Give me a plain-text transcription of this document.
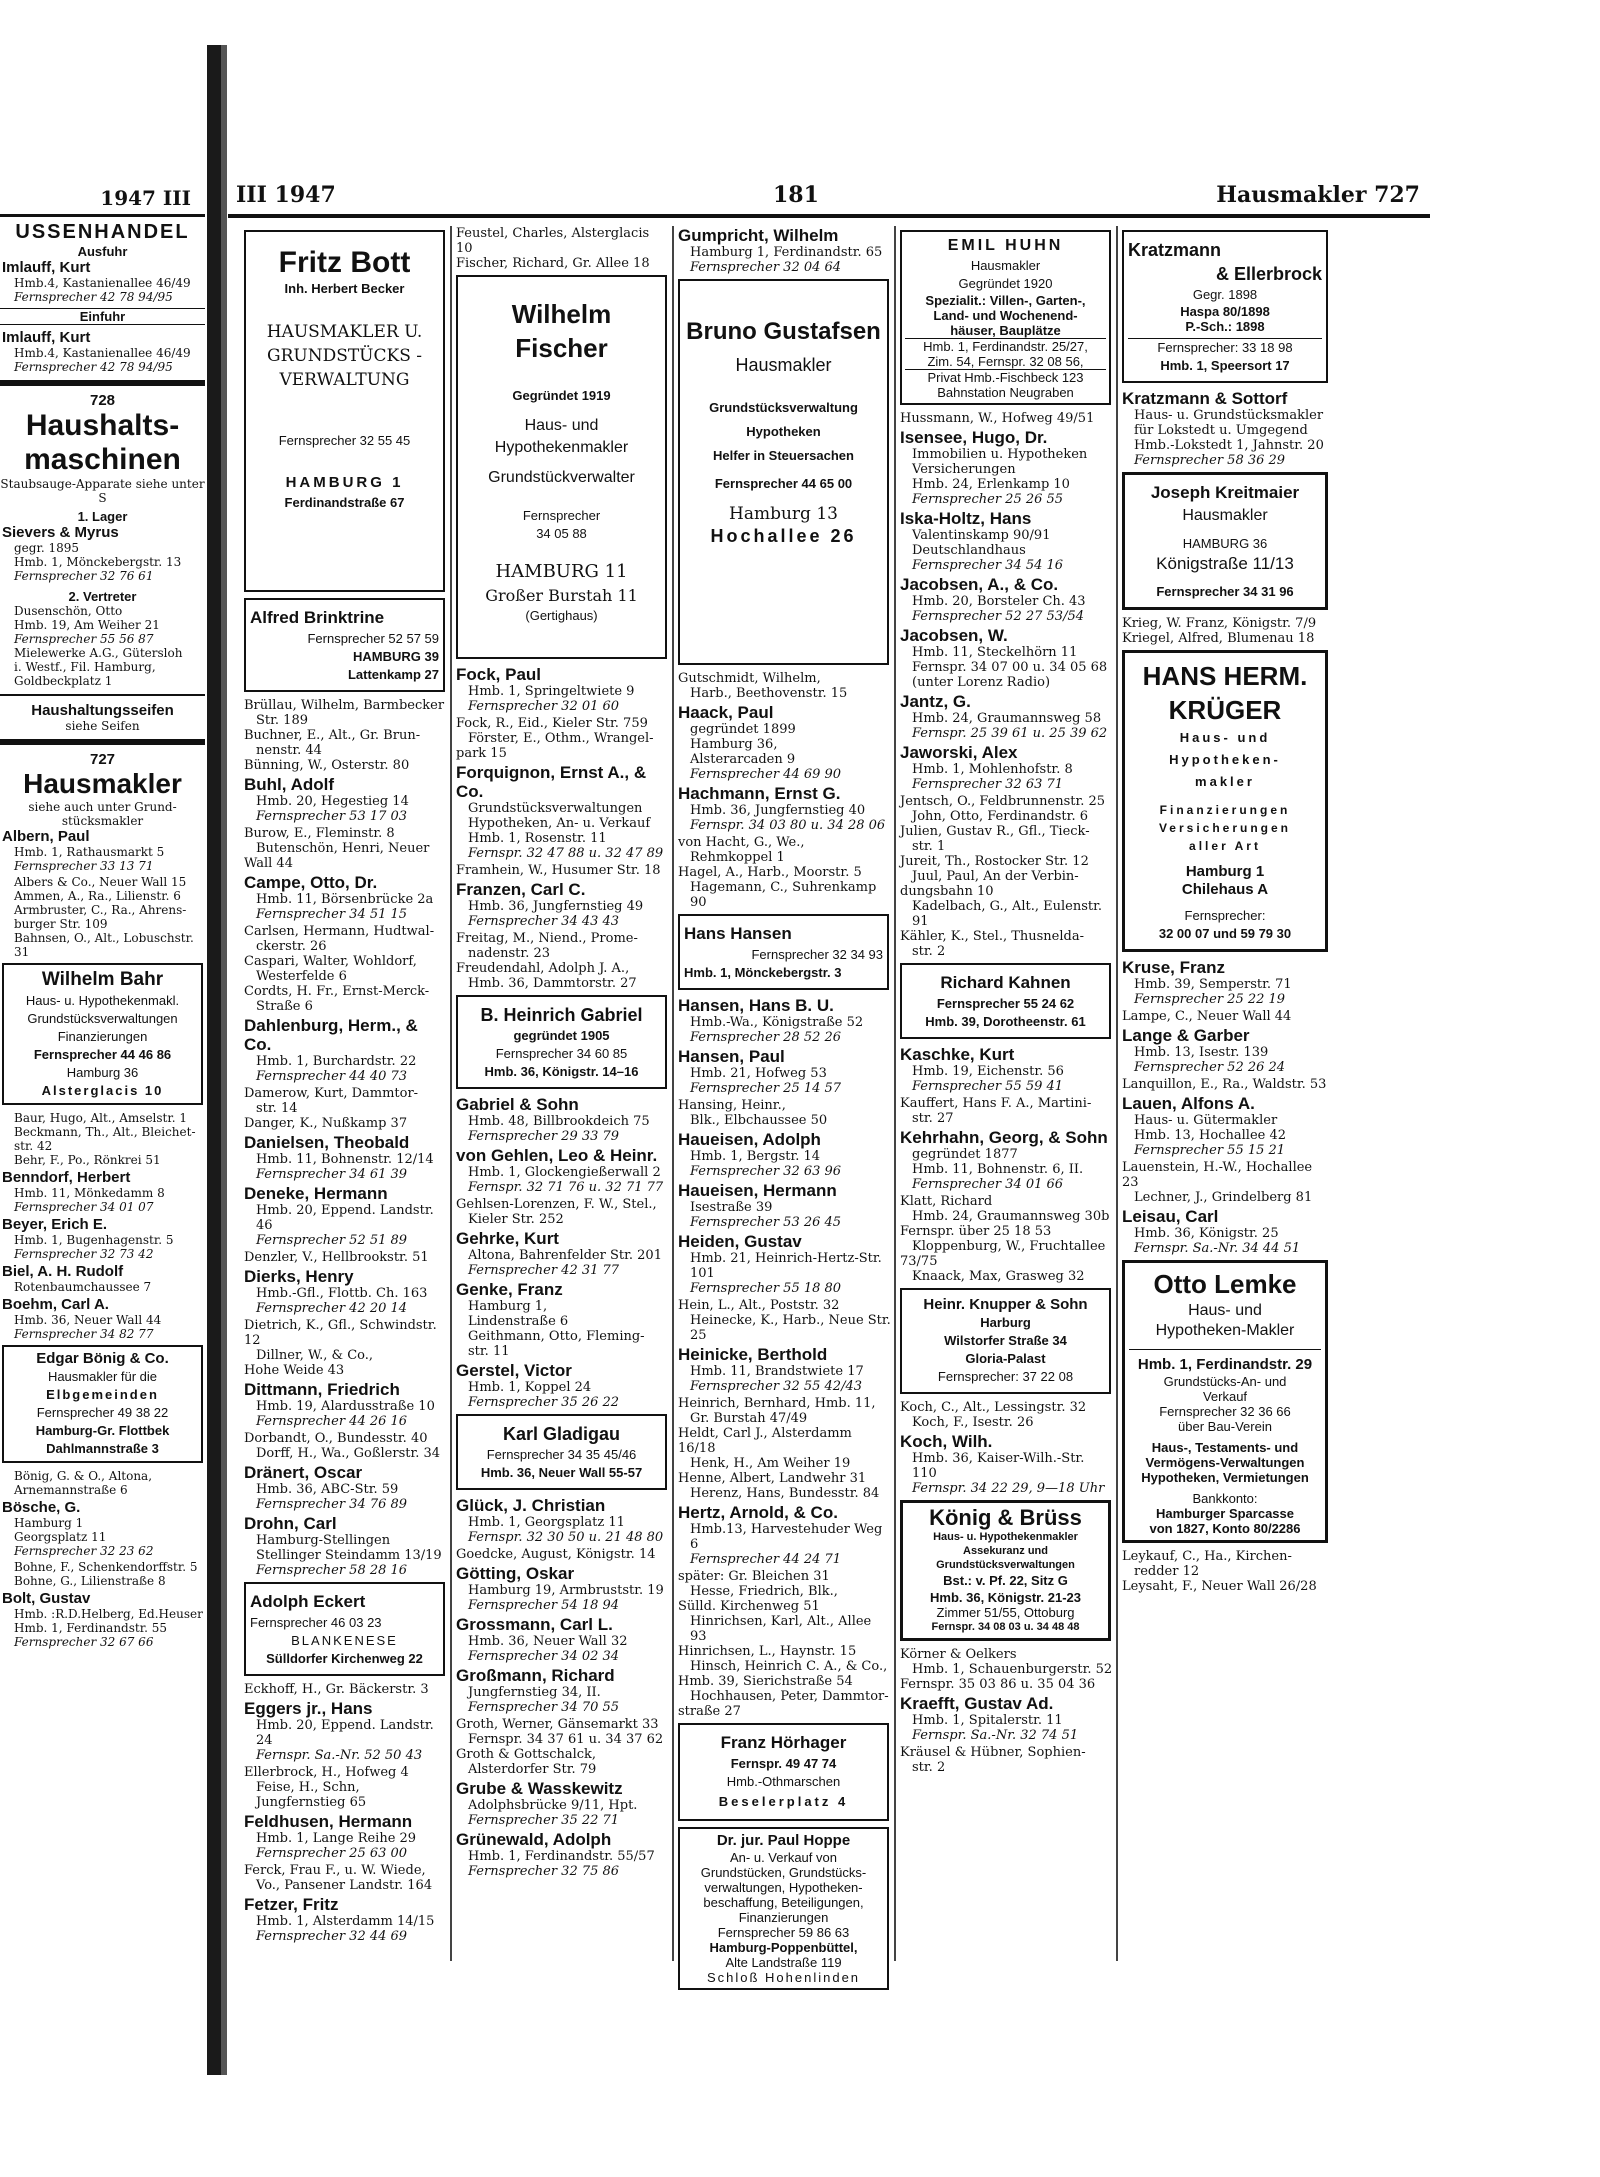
1947 III
USSENHANDEL
Ausfuhr
Imlauff, Kurt
Hmb.4, Kastanienallee 46/49
Fernsprecher 42 78 94/95
Einfuhr
Imlauff, Kurt
Hmb.4, Kastanienallee 46/49
Fernsprecher 42 78 94/95
728
Haushalts-maschinen
Staubsauge-Apparate siehe unter S
1. Lager
Sievers & Myrus
gegr. 1895
Hmb. 1, Mönckebergstr. 13
Fernsprecher 32 76 61
2. Vertreter
Dusenschön, Otto
Hmb. 19, Am Weiher 21
Fernsprecher 55 56 87
Mielewerke A.G., Gütersloh
i. Westf., Fil. Hamburg,
Goldbeckplatz 1
Haushaltungsseifen
siehe Seifen
727
Hausmakler
siehe auch unter Grund-stücksmakler
Albern, Paul
Hmb. 1, Rathausmarkt 5
Fernsprecher 33 13 71
Albers & Co., Neuer Wall 15
Ammen, A., Ra., Lilienstr. 6
Armbruster, C., Ra., Ahrens-
burger Str. 109
Bahnsen, O., Alt., Lobuschstr. 31
Wilhelm Bahr
Haus- u. Hypothekenmakl.
Grundstücksverwaltungen
Finanzierungen
Fernsprecher 44 46 86
Hamburg 36
Alsterglacis 10
Baur, Hugo, Alt., Amselstr. 1
Beckmann, Th., Alt., Bleichet-
str. 42
Behr, F., Po., Rönkrei 51
Benndorf, Herbert
Hmb. 11, Mönkedamm 8
Fernsprecher 34 01 07
Beyer, Erich E.
Hmb. 1, Bugenhagenstr. 5
Fernsprecher 32 73 42
Biel, A. H. Rudolf
Rotenbaumchaussee 7
Boehm, Carl A.
Hmb. 36, Neuer Wall 44
Fernsprecher 34 82 77
Edgar Bönig & Co.
Hausmakler für die
Elbgemeinden
Fernsprecher 49 38 22
Hamburg-Gr. Flottbek
Dahlmannstraße 3
Bönig, G. & O., Altona, Arnemannstraße 6
Bösche, G.
Hamburg 1
Georgsplatz 11
Fernsprecher 32 23 62
Bohne, F., Schenkendorffstr. 5
Bohne, G., Lilienstraße 8
Bolt, Gustav
Hmb. :R.D.Helberg, Ed.Heuser
Hmb. 1, Ferdinandstr. 55
Fernsprecher 32 67 66
III 1947	181	Hausmakler 727
Fritz Bott
Inh. Herbert Becker
HAUSMAKLER U.
GRUNDSTÜCKS -
VERWALTUNG
Fernsprecher 32 55 45
HAMBURG 1
Ferdinandstraße 67
Alfred Brinktrine
Fernsprecher 52 57 59
HAMBURG 39
Lattenkamp 27
Brüllau, Wilhelm, Barmbecker
Str. 189
Buchner, E., Alt., Gr. Brun-
nenstr. 44
Bünning, W., Osterstr. 80
Buhl, Adolf
Hmb. 20, Hegestieg 14
Fernsprecher 53 17 03
Burow, E., Fleminstr. 8
Butenschön, Henri, Neuer
Wall 44
Campe, Otto, Dr.
Hmb. 11, Börsenbrücke 2a
Fernsprecher 34 51 15
Carlsen, Hermann, Hudtwal-
ckerstr. 26
Caspari, Walter, Wohldorf,
Westerfelde 6
Cordts, H. Fr., Ernst-Merck-
Straße 6
Dahlenburg, Herm., & Co.
Hmb. 1, Burchardstr. 22
Fernsprecher 44 40 73
Damerow, Kurt, Dammtor-
str. 14
Danger, K., Nußkamp 37
Danielsen, Theobald
Hmb. 11, Bohnenstr. 12/14
Fernsprecher 34 61 39
Deneke, Hermann
Hmb. 20, Eppend. Landstr. 46
Fernsprecher 52 51 89
Denzler, V., Hellbrookstr. 51
Dierks, Henry
Hmb.-Gfl., Flottb. Ch. 163
Fernsprecher 42 20 14
Dietrich, K., Gfl., Schwindstr. 12
Dillner, W., & Co.,
Hohe Weide 43
Dittmann, Friedrich
Hmb. 19, Alardusstraße 10
Fernsprecher 44 26 16
Dorbandt, O., Bundesstr. 40
Dorff, H., Wa., Goßlerstr. 34
Dränert, Oscar
Hmb. 36, ABC-Str. 59
Fernsprecher 34 76 89
Drohn, Carl
Hamburg-Stellingen
Stellinger Steindamm 13/19
Fernsprecher 58 28 16
Adolph Eckert
Fernsprecher 46 03 23
BLANKENESE
Sülldorfer Kirchenweg 22
Eckhoff, H., Gr. Bäckerstr. 3
Eggers jr., Hans
Hmb. 20, Eppend. Landstr. 24
Fernspr. Sa.-Nr. 52 50 43
Ellerbrock, H., Hofweg 4
Feise, H., Schn, Jungfernstieg 65
Feldhusen, Hermann
Hmb. 1, Lange Reihe 29
Fernsprecher 25 63 00
Ferck, Frau F., u. W. Wiede,
Vo., Pansener Landstr. 164
Fetzer, Fritz
Hmb. 1, Alsterdamm 14/15
Fernsprecher 32 44 69
Feustel, Charles, Alsterglacis 10
Fischer, Richard, Gr. Allee 18
Wilhelm Fischer
Gegründet 1919
Haus- und
Hypothekenmakler
Grundstückverwalter
Fernsprecher
34 05 88
HAMBURG 11
Großer Burstah 11
(Gertighaus)
Fock, Paul
Hmb. 1, Springeltwiete 9
Fernsprecher 32 01 60
Fock, R., Eid., Kieler Str. 759
Förster, E., Othm., Wrangel-
park 15
Forquignon, Ernst A., & Co.
Grundstücksverwaltungen
Hypotheken, An- u. Verkauf
Hmb. 1, Rosenstr. 11
Fernspr. 32 47 88 u. 32 47 89
Framhein, W., Husumer Str. 18
Franzen, Carl C.
Hmb. 36, Jungfernstieg 49
Fernsprecher 34 43 43
Freitag, M., Niend., Prome-
nadenstr. 23
Freudendahl, Adolph J. A.,
Hmb. 36, Dammtorstr. 27
B. Heinrich Gabriel
gegründet 1905
Fernsprecher 34 60 85
Hmb. 36, Königstr. 14–16
Gabriel & Sohn
Hmb. 48, Billbrookdeich 75
Fernsprecher 29 33 79
von Gehlen, Leo & Heinr.
Hmb. 1, Glockengießerwall 2
Fernspr. 32 71 76 u. 32 71 77
Gehlsen-Lorenzen, F. W., Stel.,
Kieler Str. 252
Gehrke, Kurt
Altona, Bahrenfelder Str. 201
Fernsprecher 42 31 77
Genke, Franz
Hamburg 1,
Lindenstraße 6
Geithmann, Otto, Fleming-
str. 11
Gerstel, Victor
Hmb. 1, Koppel 24
Fernsprecher 35 26 22
Karl Gladigau
Fernsprecher 34 35 45/46
Hmb. 36, Neuer Wall 55-57
Glück, J. Christian
Hmb. 1, Georgsplatz 11
Fernspr. 32 30 50 u. 21 48 80
Goedcke, August, Königstr. 14
Götting, Oskar
Hamburg 19, Armbruststr. 19
Fernsprecher 54 18 94
Grossmann, Carl L.
Hmb. 36, Neuer Wall 32
Fernsprecher 34 02 34
Großmann, Richard
Jungfernstieg 34, II.
Fernsprecher 34 70 55
Groth, Werner, Gänsemarkt 33
Fernspr. 34 37 61 u. 34 37 62
Groth & Gottschalck,
Alsterdorfer Str. 79
Grube & Wasskewitz
Adolphsbrücke 9/11, Hpt.
Fernsprecher 35 22 71
Grünewald, Adolph
Hmb. 1, Ferdinandstr. 55/57
Fernsprecher 32 75 86
Gumpricht, Wilhelm
Hamburg 1, Ferdinandstr. 65
Fernsprecher 32 04 64
Bruno Gustafsen
Hausmakler
Grundstücksverwaltung
Hypotheken
Helfer in Steuersachen
Fernsprecher 44 65 00
Hamburg 13
Hochallee 26
Gutschmidt, Wilhelm,
Harb., Beethovenstr. 15
Haack, Paul
gegründet 1899
Hamburg 36,
Alsterarcaden 9
Fernsprecher 44 69 90
Hachmann, Ernst G.
Hmb. 36, Jungfernstieg 40
Fernspr. 34 03 80 u. 34 28 06
von Hacht, G., We.,
Rehmkoppel 1
Hagel, A., Harb., Moorstr. 5
Hagemann, C., Suhrenkamp 90
Hans Hansen
Fernsprecher 32 34 93
Hmb. 1, Mönckebergstr. 3
Hansen, Hans B. U.
Hmb.-Wa., Königstraße 52
Fernsprecher 28 52 26
Hansen, Paul
Hmb. 21, Hofweg 53
Fernsprecher 25 14 57
Hansing, Heinr.,
Blk., Elbchaussee 50
Haueisen, Adolph
Hmb. 1, Bergstr. 14
Fernsprecher 32 63 96
Haueisen, Hermann
Isestraße 39
Fernsprecher 53 26 45
Heiden, Gustav
Hmb. 21, Heinrich-Hertz-Str.
101
Fernsprecher 55 18 80
Hein, L., Alt., Poststr. 32
Heinecke, K., Harb., Neue Str. 25
Heinicke, Berthold
Hmb. 11, Brandstwiete 17
Fernsprecher 32 55 42/43
Heinrich, Bernhard, Hmb. 11,
Gr. Burstah 47/49
Heldt, Carl J., Alsterdamm 16/18
Henk, H., Am Weiher 19
Henne, Albert, Landwehr 31
Herenz, Hans, Bundesstr. 84
Hertz, Arnold, & Co.
Hmb.13, Harvestehuder Weg 6
Fernsprecher 44 24 71
später: Gr. Bleichen 31
Hesse, Friedrich, Blk.,
Sülld. Kirchenweg 51
Hinrichsen, Karl, Alt., Allee 93
Hinrichsen, L., Haynstr. 15
Hinsch, Heinrich C. A., & Co.,
Hmb. 39, Sierichstraße 54
Hochhausen, Peter, Dammtor-
straße 27
Franz Hörhager
Fernspr. 49 47 74
Hmb.-Othmarschen
Beselerplatz 4
Dr. jur. Paul Hoppe
An- u. Verkauf von
Grundstücken, Grundstücks-
verwaltungen, Hypotheken-
beschaffung, Beteiligungen,
Finanzierungen
Fernsprecher 59 86 63
Hamburg-Poppenbüttel,
Alte Landstraße 119
Schloß Hohenlinden
EMIL HUHN
Hausmakler
Gegründet 1920
Spezialit.: Villen-, Garten-,
Land- und Wochenend-
häuser, Bauplätze
Hmb. 1, Ferdinandstr. 25/27,
Zim. 54, Fernspr. 32 08 56,
Privat Hmb.-Fischbeck 123
Bahnstation Neugraben
Hussmann, W., Hofweg 49/51
Isensee, Hugo, Dr.
Immobilien u. Hypotheken
Versicherungen
Hmb. 24, Erlenkamp 10
Fernsprecher 25 26 55
Iska-Holtz, Hans
Valentinskamp 90/91
Deutschlandhaus
Fernsprecher 34 54 16
Jacobsen, A., & Co.
Hmb. 20, Borsteler Ch. 43
Fernsprecher 52 27 53/54
Jacobsen, W.
Hmb. 11, Steckelhörn 11
Fernspr. 34 07 00 u. 34 05 68
(unter Lorenz Radio)
Jantz, G.
Hmb. 24, Graumannsweg 58
Fernspr. 25 39 61 u. 25 39 62
Jaworski, Alex
Hmb. 1, Mohlenhofstr. 8
Fernsprecher 32 63 71
Jentsch, O., Feldbrunnenstr. 25
John, Otto, Ferdinandstr. 6
Julien, Gustav R., Gfl., Tieck-
str. 1
Jureit, Th., Rostocker Str. 12
Juul, Paul, An der Verbin-
dungsbahn 10
Kadelbach, G., Alt., Eulenstr. 91
Kähler, K., Stel., Thusnelda-
str. 2
Richard Kahnen
Fernsprecher 55 24 62
Hmb. 39, Dorotheenstr. 61
Kaschke, Kurt
Hmb. 19, Eichenstr. 56
Fernsprecher 55 59 41
Kauffert, Hans F. A., Martini-
str. 27
Kehrhahn, Georg, & Sohn
gegründet 1877
Hmb. 11, Bohnenstr. 6, II.
Fernsprecher 34 01 66
Klatt, Richard
Hmb. 24, Graumannsweg 30b
Fernspr. über 25 18 53
Kloppenburg, W., Fruchtallee
73/75
Knaack, Max, Grasweg 32
Heinr. Knupper & Sohn
Harburg
Wilstorfer Straße 34
Gloria-Palast
Fernsprecher: 37 22 08
Koch, C., Alt., Lessingstr. 32
Koch, F., Isestr. 26
Koch, Wilh.
Hmb. 36, Kaiser-Wilh.-Str. 110
Fernspr. 34 22 29, 9—18 Uhr
König & Brüss
Haus- u. Hypothekenmakler
Assekuranz und
Grundstücksverwaltungen
Bst.: v. Pf. 22, Sitz G
Hmb. 36, Königstr. 21-23
Zimmer 51/55, Ottoburg
Fernspr. 34 08 03 u. 34 48 48
Körner & Oelkers
Hmb. 1, Schauenburgerstr. 52
Fernspr. 35 03 86 u. 35 04 36
Kraefft, Gustav Ad.
Hmb. 1, Spitalerstr. 11
Fernspr. Sa.-Nr. 32 74 51
Kräusel & Hübner, Sophien-
str. 2
Kratzmann
& Ellerbrock
Gegr. 1898
Haspa 80/1898
P.-Sch.: 1898
Fernsprecher: 33 18 98
Hmb. 1, Speersort 17
Kratzmann & Sottorf
Haus- u. Grundstücksmakler
für Lokstedt u. Umgegend
Hmb.-Lokstedt 1, Jahnstr. 20
Fernsprecher 58 36 29
Joseph Kreitmaier
Hausmakler
HAMBURG 36
Königstraße 11/13
Fernsprecher 34 31 96
Krieg, W. Franz, Königstr. 7/9
Kriegel, Alfred, Blumenau 18
HANS HERM.
KRÜGER
Haus- und
Hypotheken-
makler
Finanzierungen
Versicherungen
aller Art
Hamburg 1
Chilehaus A
Fernsprecher:
32 00 07 und 59 79 30
Kruse, Franz
Hmb. 39, Semperstr. 71
Fernsprecher 25 22 19
Lampe, C., Neuer Wall 44
Lange & Garber
Hmb. 13, Isestr. 139
Fernsprecher 52 26 24
Lanquillon, E., Ra., Waldstr. 53
Lauen, Alfons A.
Haus- u. Gütermakler
Hmb. 13, Hochallee 42
Fernsprecher 55 15 21
Lauenstein, H.-W., Hochallee 23
Lechner, J., Grindelberg 81
Leisau, Carl
Hmb. 36, Königstr. 25
Fernspr. Sa.-Nr. 34 44 51
Otto Lemke
Haus- und
Hypotheken-Makler
Hmb. 1, Ferdinandstr. 29
Grundstücks-An- und
Verkauf
Fernsprecher 32 36 66
über Bau-Verein
Haus-, Testaments- und
Vermögens-Verwaltungen
Hypotheken, Vermietungen
Bankkonto:
Hamburger Sparcasse
von 1827, Konto 80/2286
Leykauf, C., Ha., Kirchen-
redder 12
Leysaht, F., Neuer Wall 26/28
